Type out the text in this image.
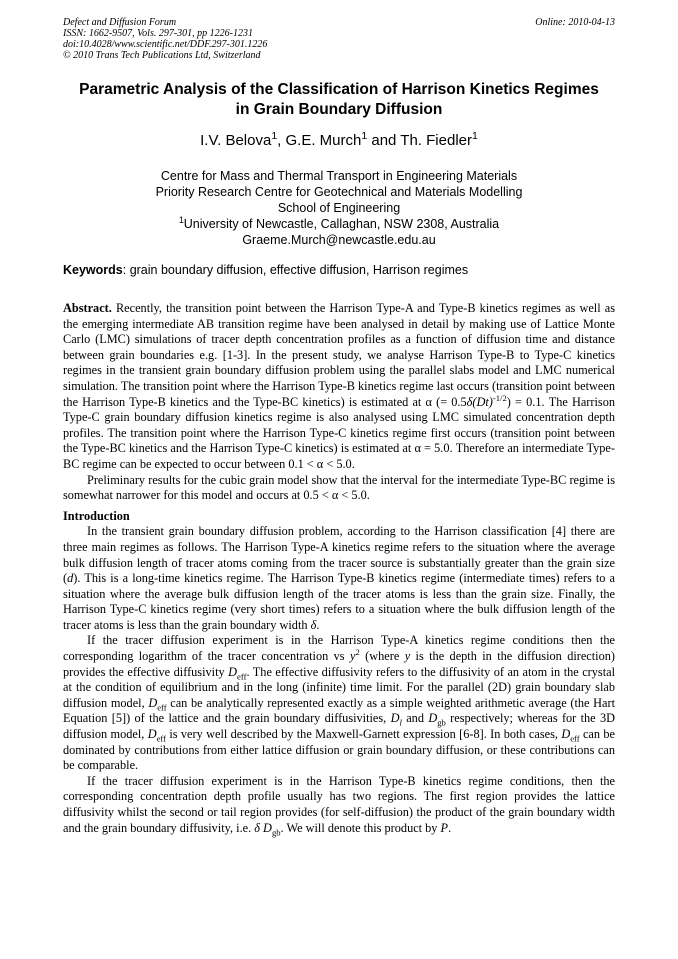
Defect and Diffusion Forum
ISSN: 1662-9507, Vols. 297-301, pp 1226-1231
doi:10.4028/www.scientific.net/DDF.297-301.1226
© 2010 Trans Tech Publications Ltd, Switzerland
Online: 2010-04-13
Parametric Analysis of the Classification of Harrison Kinetics Regimes
in Grain Boundary Diffusion
I.V. Belova$^1$, G.E. Murch$^1$ and Th. Fiedler$^1$
Centre for Mass and Thermal Transport in Engineering Materials
Priority Research Centre for Geotechnical and Materials Modelling
School of Engineering
$^1$University of Newcastle, Callaghan, NSW 2308, Australia
Graeme.Murch@newcastle.edu.au
Keywords: grain boundary diffusion, effective diffusion, Harrison regimes

Abstract. Recently, the transition point between the Harrison Type-A and Type-B kinetics regimes as well as the emerging intermediate AB transition regime have been analysed in detail by making use of Lattice Monte Carlo (LMC) simulations of tracer depth concentration profiles as a function of diffusion time and distance between grain boundaries e.g. [1-3]. In the present study, we analyse Harrison Type-B to Type-C kinetics regimes in the transient grain boundary diffusion problem using the parallel slabs model and LMC numerical simulation. The transition point where the Harrison Type-B kinetics regime last occurs (transition point between the Harrison Type-B kinetics and the Type-BC kinetics) is estimated at α (= $0.5\delta(Dt)^{-1/2}) = 0.1$. The Harrison Type-C grain boundary diffusion kinetics regime is also analysed using LMC simulated concentration depth profiles. The transition point where the Harrison Type-C kinetics regime first occurs (transition point between the Type-BC kinetics and the Harrison Type-C kinetics) is estimated at α = 5.0. Therefore an intermediate Type-BC regime can be expected to occur between 0.1 < α < 5.0.

Preliminary results for the cubic grain model show that the interval for the intermediate Type-BC regime is somewhat narrower for this model and occurs at 0.5 < α < 5.0.

Introduction

In the transient grain boundary diffusion problem, according to the Harrison classification [4] there are three main regimes as follows. The Harrison Type-A kinetics regime refers to the situation where the average bulk diffusion length of tracer atoms coming from the tracer source is substantially greater than the grain size (d). This is a long-time kinetics regime. The Harrison Type-B kinetics regime (intermediate times) refers to a situation where the average bulk diffusion length of the tracer atoms is less than the grain size. Finally, the Harrison Type-C kinetics regime (very short times) refers to a situation where the bulk diffusion length of the tracer atoms is less than the grain boundary width δ.

If the tracer diffusion experiment is in the Harrison Type-A kinetics regime conditions then the corresponding logarithm of the tracer concentration vs $y^2$ (where y is the depth in the diffusion direction) provides the effective diffusivity $D_{eff}$. The effective diffusivity refers to the diffusivity of an atom in the crystal at the condition of equilibrium and in the long (infinite) time limit. For the parallel (2D) grain boundary slab diffusion model, $D_{eff}$ can be analytically represented exactly as a simple weighted arithmetic average (the Hart Equation [5]) of the lattice and the grain boundary diffusivities, $D_l$ and $D_{gb}$ respectively; whereas for the 3D diffusion model, $D_{eff}$ is very well described by the Maxwell-Garnett expression [6-8]. In both cases, $D_{eff}$ can be dominated by contributions from either lattice diffusion or grain boundary diffusion, or these contributions can be comparable.

If the tracer diffusion experiment is in the Harrison Type-B kinetics regime conditions, then the corresponding concentration depth profile usually has two regions. The first region provides the lattice diffusivity whilst the second or tail region provides (for self-diffusion) the product of the grain boundary width and the grain boundary diffusivity, i.e. δ $D_{gb}$. We will denote this product by P.
